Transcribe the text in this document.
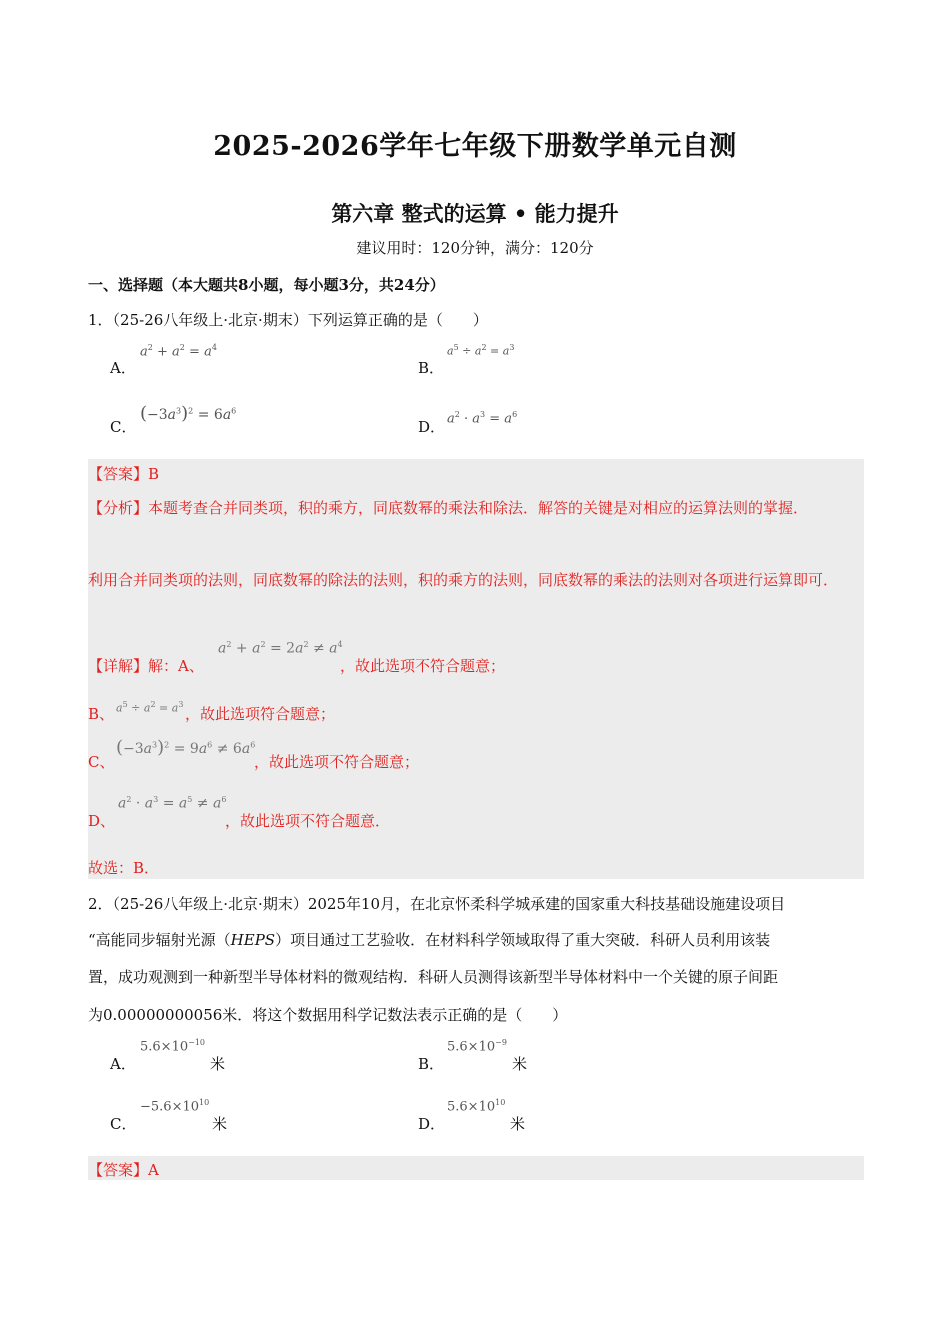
2025-2026学年七年级下册数学单元自测
第六章 整式的运算 • 能力提升
建议用时：120分钟，满分：120分
一、选择题（本大题共8小题，每小题3分，共24分）
1．（25-26八年级上·北京·期末）下列运算正确的是（　　）
A．
$a^2 + a^2 = a^4$
B．
$a^5 \div a^2 = a^3$
C．
$(-3a^3)^2 = 6a^6$
D． $a^2 \cdot a^3 = a^6$
【答案】B
【分析】本题考查合并同类项，积的乘方，同底数幂的乘法和除法．解答的关键是对相应的运算法则的掌握．
利用合并同类项的法则，同底数幂的除法的法则，积的乘方的法则，同底数幂的乘法的法则对各项进行运算即可．
【详解】解：A、
$a^2 + a^2 = 2a^2 \ne a^4$
，故此选项不符合题意；
B、 $a^5 \div a^2 = a^3$
，故此选项符合题意；
C、
$(-3a^3)^2 = 9a^6 \ne 6a^6$
，故此选项不符合题意；
D、
$a^2 \cdot a^3 = a^5 \ne a^6$
，故此选项不符合题意．
故选：B．
2．（25-26八年级上·北京·期末）2025年10月，在北京怀柔科学城承建的国家重大科技基础设施建设项目
“高能同步辐射光源（HEPS）项目通过工艺验收．在材料科学领域取得了重大突破．科研人员利用该装
置，成功观测到一种新型半导体材料的微观结构．科研人员测得该新型半导体材料中一个关键的原子间距
为0.00000000056米．将这个数据用科学记数法表示正确的是（　　）
A．
$5.6\times 10^{-10}$
米	B．
$5.6\times 10^{-9}$
米
C．
$-5.6\times 10^{10}$
米	D．
$5.6\times 10^{10}$
米
【答案】A
